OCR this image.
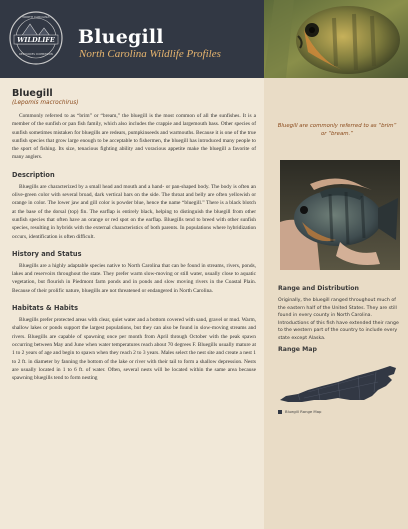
NORTH CAROLINA
WILDLIFE
RESOURCES COMMISSION
Bluegill
North Carolina Wildlife Profiles
Bluegill
(Lepomis macrochirus)

Commonly referred to as “brim” or “bream,” the bluegill is the most common of all the sunfishes. It is a member of the sunfish or pan fish family, which also includes the crappie and largemouth bass. Other species of sunfish sometimes mistaken for bluegills are redears, pumpkinseeds and warmouths. Because it is one of the true sunfish species that grow large enough to be acceptable to fishermen, the bluegill has introduced many people to the sport of fishing. Its size, tenacious fighting ability and voracious appetite make the bluegill a favorite of many anglers.

Description

Bluegills are characterized by a small head and mouth and a hand- or pan-shaped body. The body is often an olive-green color with several broad, dark vertical bars on the side. The throat and belly are often yellowish or orange in color. The lower jaw and gill color is powder blue, hence the name “bluegill.” There is a black blotch at the base of the dorsal (top) fin. The earflap is entirely black, helping to distinguish the bluegill from other sunfish species that often have an orange or red spot on the earflap. Bluegills tend to breed with other sunfish species, resulting in hybrids with the external characteristics of both parents. In populations where hybridization occurs, identification is often difficult.

History and Status

Bluegills are a highly adaptable species native to North Carolina that can be found in streams, rivers, ponds, lakes and reservoirs throughout the state. They prefer warm slow-moving or still water, usually close to aquatic vegetation, but flourish in Piedmont farm ponds and in ponds and slow moving rivers in the Coastal Plain. Because of their prolific nature, bluegills are not threatened or endangered in North Carolina.

Habitats & Habits

Bluegills prefer protected areas with clear, quiet water and a bottom covered with sand, gravel or mud. Warm, shallow lakes or ponds support the largest populations, but they can also be found in slow-moving streams and rivers. Bluegills are capable of spawning once per month from April through October with the peak spawn occurring between May and June when water temperatures reach about 70 degrees F. Bluegills usually mature at 1 to 2 years of age and begin to spawn when they reach 2 to 3 years. Males select the nest site and create a nest 1 to 2 ft. in diameter by fanning the bottom of the lake or river with their tail to form a shallow depression. Nests are usually located in 1 to 6 ft. of water. Often, several nests will be located within the same area because spawning bluegills tend to form nesting

Bluegill are commonly referred to as “brim” or “bream.”
Range and Distribution
Originally, the bluegill ranged throughout much of the eastern half of the United States. They are still found in every county in North Carolina. Introductions of this fish have extended their range to the western part of the country to include every state except Alaska.
Range Map
Bluegill Range Map
